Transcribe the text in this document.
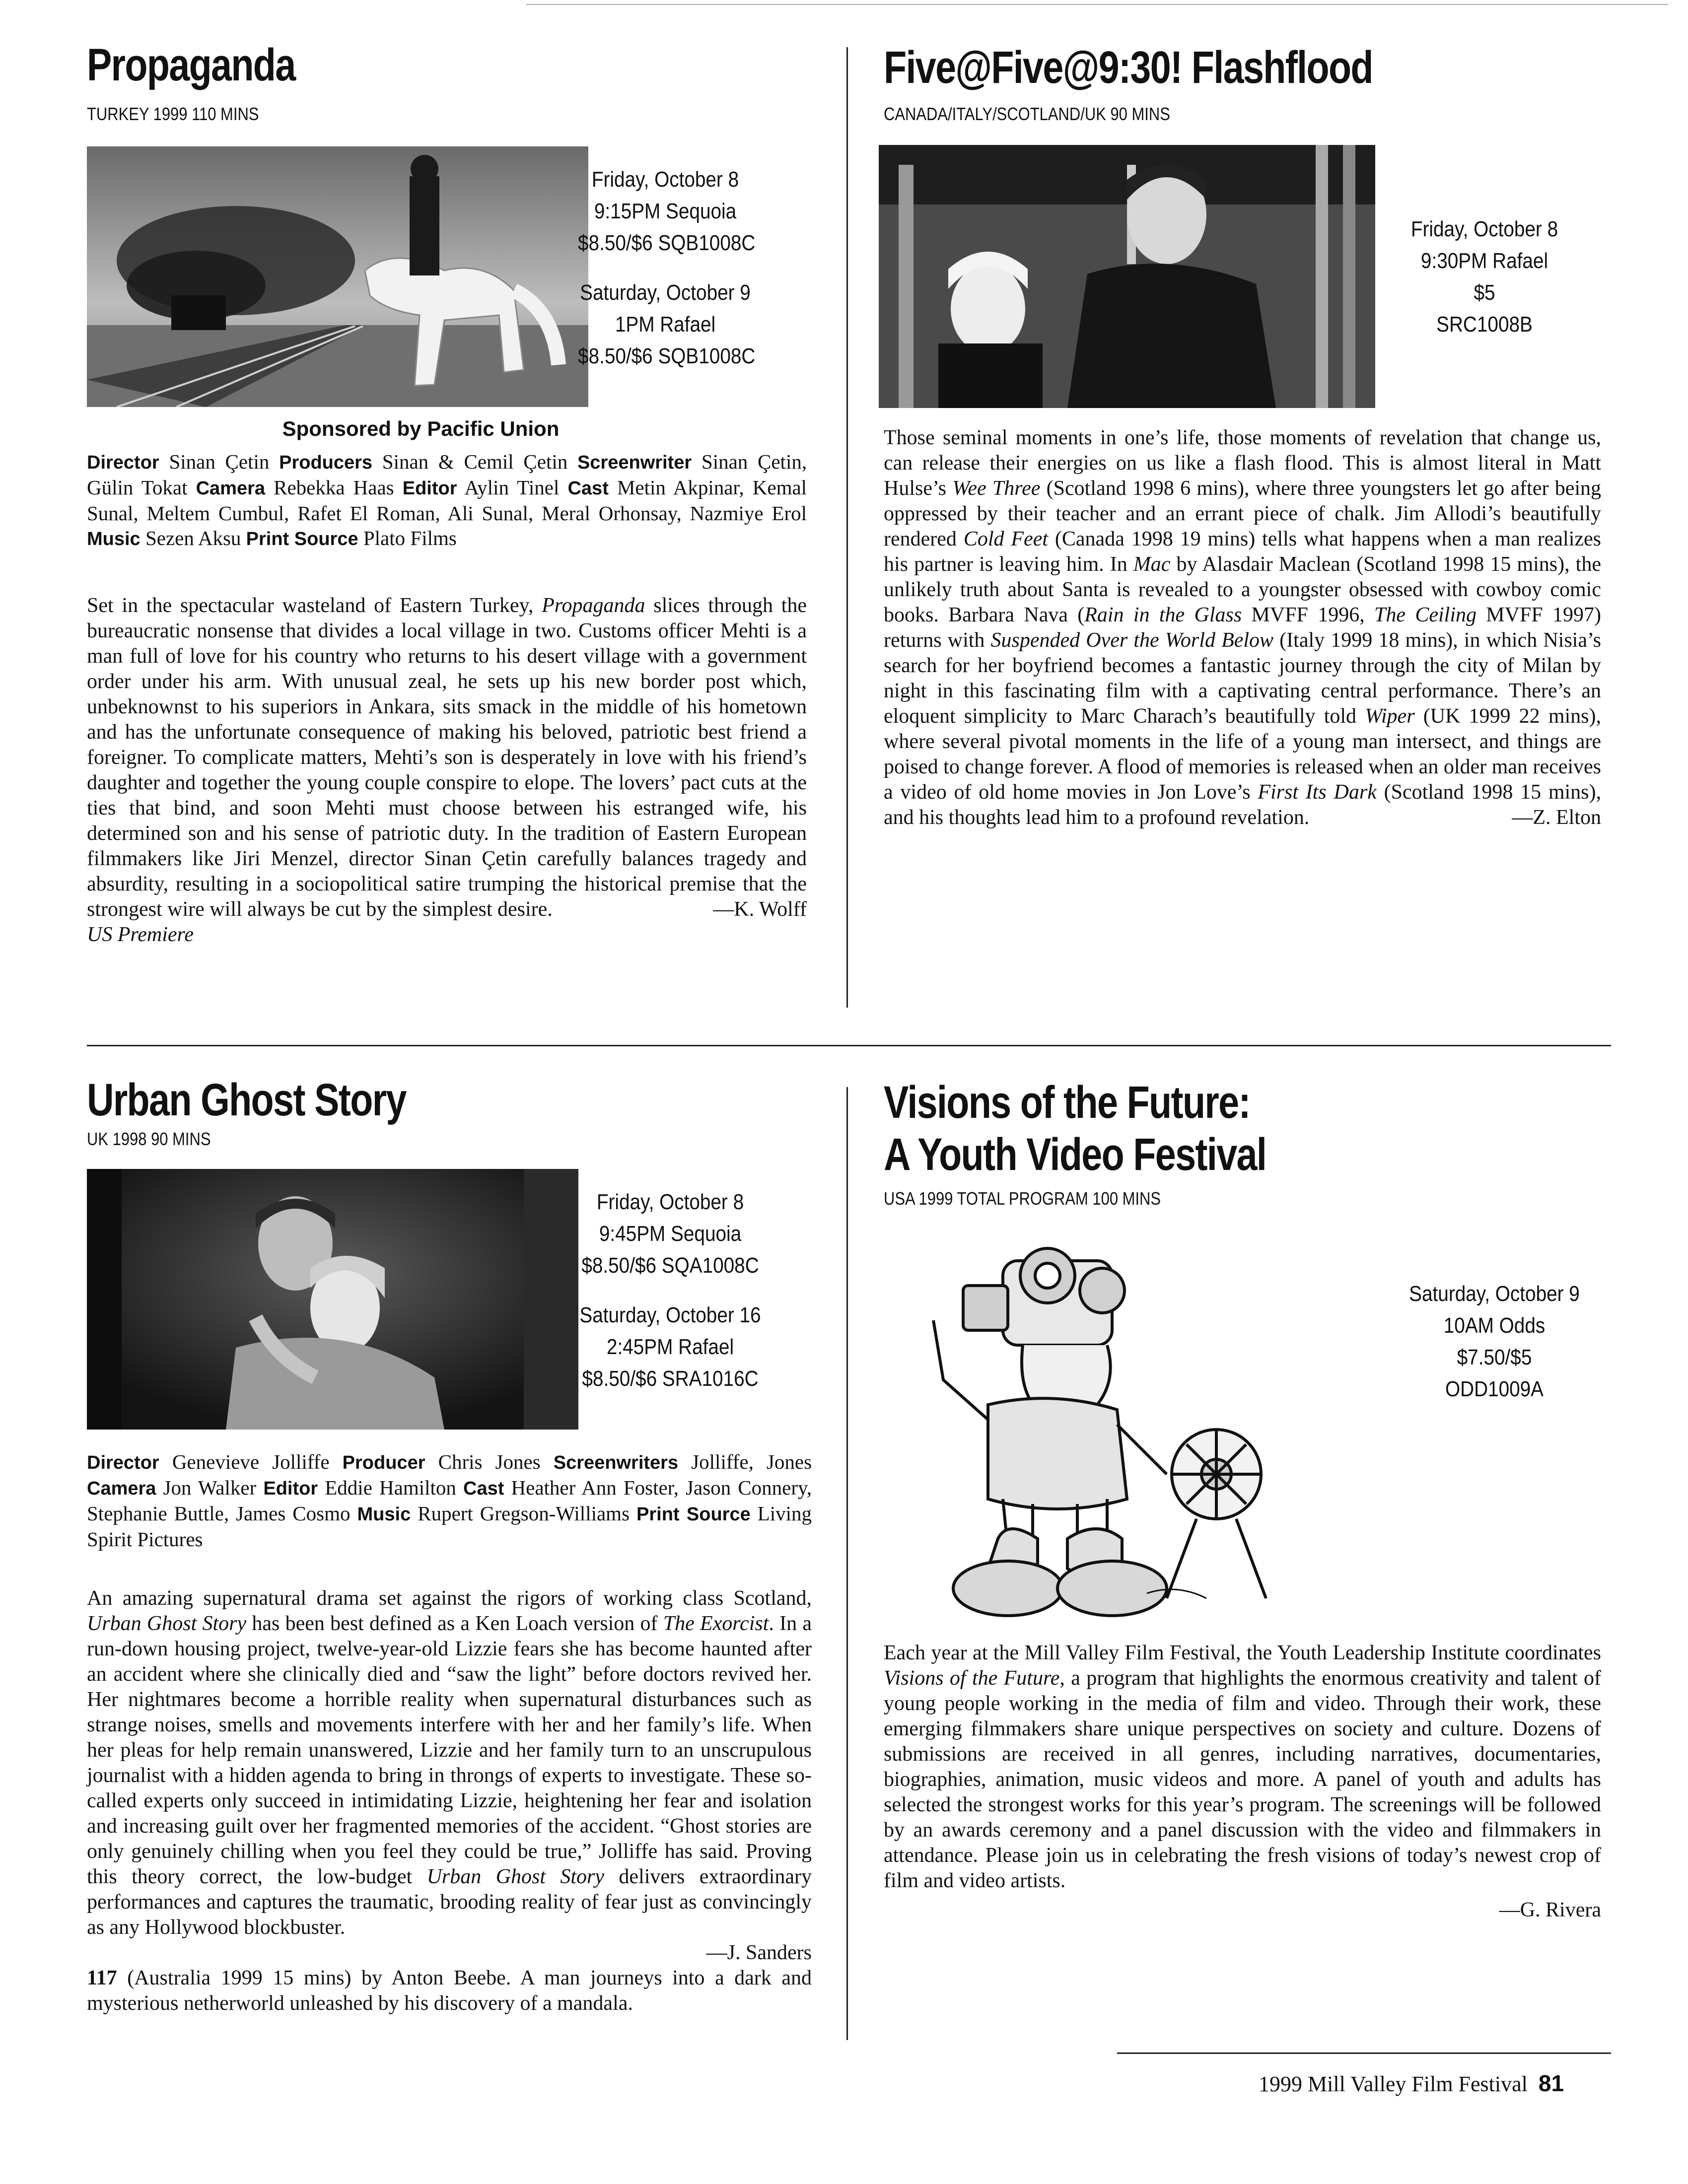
Propaganda
TURKEY 1999 110 MINS
Friday, October 8
9:15PM Sequoia
$8.50/$6 SQB1008C
Saturday, October 9
1PM Rafael
$8.50/$6 SQB1008C
Sponsored by Pacific Union
Director Sinan Çetin Producers Sinan & Cemil Çetin Screenwriter Sinan Çetin, Gülin Tokat Camera Rebekka Haas Editor Aylin Tinel Cast Metin Akpinar, Kemal Sunal, Meltem Cumbul, Rafet El Roman, Ali Sunal, Meral Orhonsay, Nazmiye Erol Music Sezen Aksu Print Source Plato Films

Set in the spectacular wasteland of Eastern Turkey, Propaganda slices through the bureaucratic nonsense that divides a local village in two. Customs officer Mehti is a man full of love for his country who returns to his desert village with a government order under his arm. With unusual zeal, he sets up his new border post which, unbeknownst to his superiors in Ankara, sits smack in the middle of his hometown and has the unfortunate consequence of making his beloved, patriotic best friend a foreigner. To complicate matters, Mehti’s son is desperately in love with his friend’s daughter and together the young couple conspire to elope. The lovers’ pact cuts at the ties that bind, and soon Mehti must choose between his estranged wife, his determined son and his sense of patriotic duty. In the tradition of Eastern European filmmakers like Jiri Menzel, director Sinan Çetin carefully balances tragedy and absurdity, resulting in a sociopolitical satire trumping the historical premise that the strongest wire will always be cut by the simplest desire.	—K. Wolff
US Premiere
Five@Five@9:30! Flashflood
CANADA/ITALY/SCOTLAND/UK 90 MINS
Friday, October 8
9:30PM Rafael
$5
SRC1008B

Those seminal moments in one’s life, those moments of revelation that change us, can release their energies on us like a flash flood. This is almost literal in Matt Hulse’s Wee Three (Scotland 1998 6 mins), where three youngsters let go after being oppressed by their teacher and an errant piece of chalk. Jim Allodi’s beautifully rendered Cold Feet (Canada 1998 19 mins) tells what happens when a man realizes his partner is leaving him. In Mac by Alasdair Maclean (Scotland 1998 15 mins), the unlikely truth about Santa is revealed to a youngster obsessed with cowboy comic books. Barbara Nava (Rain in the Glass MVFF 1996, The Ceiling MVFF 1997) returns with Suspended Over the World Below (Italy 1999 18 mins), in which Nisia’s search for her boyfriend becomes a fantastic journey through the city of Milan by night in this fascinating film with a captivating central performance. There’s an eloquent simplicity to Marc Charach’s beautifully told Wiper (UK 1999 22 mins), where several pivotal moments in the life of a young man intersect, and things are poised to change forever. A flood of memories is released when an older man receives a video of old home movies in Jon Love’s First Its Dark (Scotland 1998 15 mins), and his thoughts lead him to a profound revelation.	—Z. Elton
Urban Ghost Story
UK 1998 90 MINS
Friday, October 8
9:45PM Sequoia
$8.50/$6 SQA1008C
Saturday, October 16
2:45PM Rafael
$8.50/$6 SRA1016C
Director Genevieve Jolliffe Producer Chris Jones Screenwriters Jolliffe, Jones Camera Jon Walker Editor Eddie Hamilton Cast Heather Ann Foster, Jason Connery, Stephanie Buttle, James Cosmo Music Rupert Gregson-Williams Print Source Living Spirit Pictures

An amazing supernatural drama set against the rigors of working class Scotland, Urban Ghost Story has been best defined as a Ken Loach version of The Exorcist. In a run-down housing project, twelve-year-old Lizzie fears she has become haunted after an accident where she clinically died and “saw the light” before doctors revived her. Her nightmares become a horrible reality when supernatural disturbances such as strange noises, smells and movements interfere with her and her family’s life. When her pleas for help remain unanswered, Lizzie and her family turn to an unscrupulous journalist with a hidden agenda to bring in throngs of experts to investigate. These so-called experts only succeed in intimidating Lizzie, heightening her fear and isolation and increasing guilt over her fragmented memories of the accident. “Ghost stories are only genuinely chilling when you feel they could be true,” Jolliffe has said. Proving this theory correct, the low-budget Urban Ghost Story delivers extraordinary performances and captures the traumatic, brooding reality of fear just as convincingly as any Hollywood blockbuster.

—J. Sanders

117 (Australia 1999 15 mins) by Anton Beebe. A man journeys into a dark and mysterious netherworld unleashed by his discovery of a mandala.

Visions of the Future:
A Youth Video Festival
USA 1999 TOTAL PROGRAM 100 MINS
Saturday, October 9
10AM Odds
$7.50/$5
ODD1009A

Each year at the Mill Valley Film Festival, the Youth Leadership Institute coordinates Visions of the Future, a program that highlights the enormous creativity and talent of young people working in the media of film and video. Through their work, these emerging filmmakers share unique perspectives on society and culture. Dozens of submissions are received in all genres, including narratives, documentaries, biographies, animation, music videos and more. A panel of youth and adults has selected the strongest works for this year’s program. The screenings will be followed by an awards ceremony and a panel discussion with the video and filmmakers in attendance. Please join us in celebrating the fresh visions of today’s newest crop of film and video artists.

—G. Rivera
1999 Mill Valley Film Festival 81
